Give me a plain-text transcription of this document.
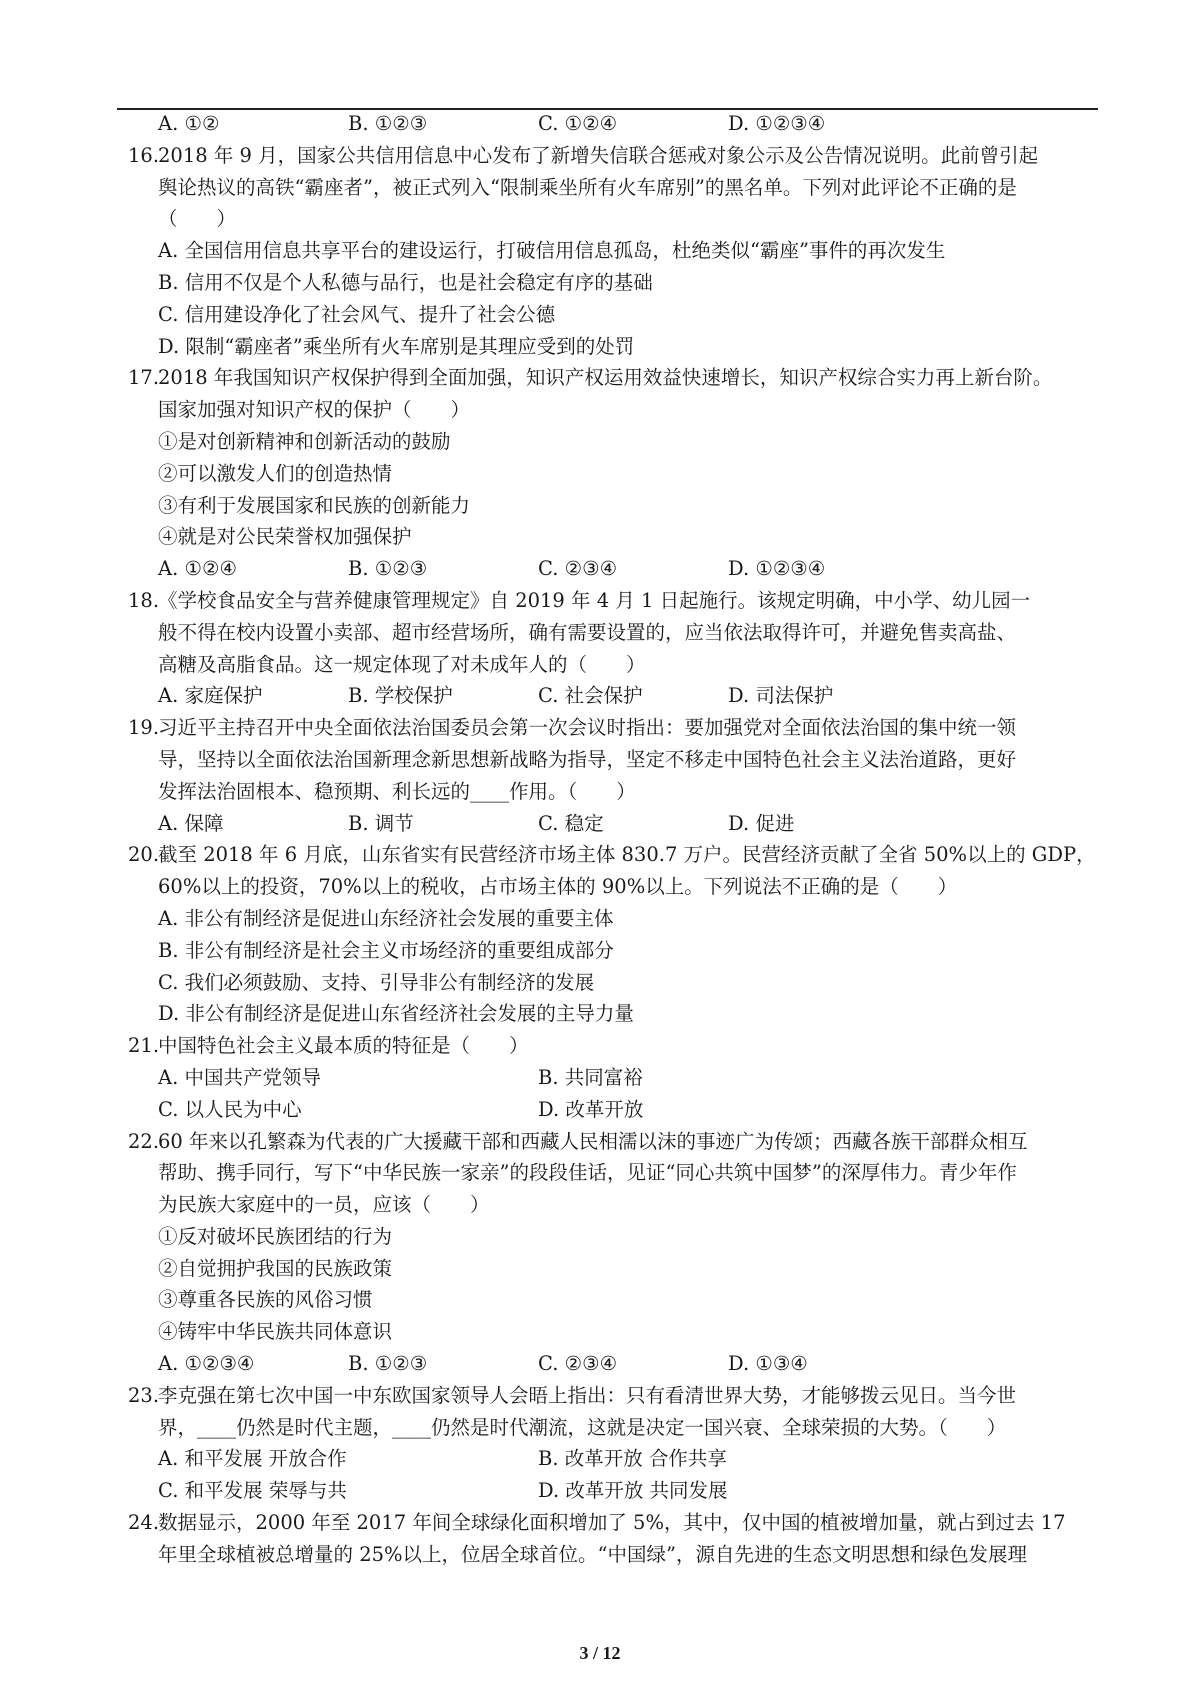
A. ①②	B. ①②③	C. ①②④	D. ①②③④
16.
2018 年 9 月，国家公共信用信息中心发布了新增失信联合惩戒对象公示及公告情况说明。此前曾引起
舆论热议的高铁“霸座者”，被正式列入“限制乘坐所有火车席别”的黑名单。下列对此评论不正确的是
（　　）
A. 全国信用信息共享平台的建设运行，打破信用信息孤岛，杜绝类似“霸座”事件的再次发生
B. 信用不仅是个人私德与品行，也是社会稳定有序的基础
C. 信用建设净化了社会风气、提升了社会公德
D. 限制“霸座者”乘坐所有火车席别是其理应受到的处罚
17.
2018 年我国知识产权保护得到全面加强，知识产权运用效益快速增长，知识产权综合实力再上新台阶。
国家加强对知识产权的保护（　　）
①是对创新精神和创新活动的鼓励
②可以激发人们的创造热情
③有利于发展国家和民族的创新能力
④就是对公民荣誉权加强保护
A. ①②④	B. ①②③	C. ②③④	D. ①②③④
18.
《学校食品安全与营养健康管理规定》自 2019 年 4 月 1 日起施行。该规定明确，中小学、幼儿园一
般不得在校内设置小卖部、超市经营场所，确有需要设置的，应当依法取得许可，并避免售卖高盐、
高糖及高脂食品。这一规定体现了对未成年人的（　　）
A. 家庭保护	B. 学校保护	C. 社会保护	D. 司法保护
19.
习近平主持召开中央全面依法治国委员会第一次会议时指出：要加强党对全面依法治国的集中统一领
导，坚持以全面依法治国新理念新思想新战略为指导，坚定不移走中国特色社会主义法治道路，更好
发挥法治固根本、稳预期、利长远的____作用。（　　）
A. 保障	B. 调节	C. 稳定	D. 促进
20.
截至 2018 年 6 月底，山东省实有民营经济市场主体 830.7 万户。民营经济贡献了全省 50%以上的 GDP，
60%以上的投资，70%以上的税收，占市场主体的 90%以上。下列说法不正确的是（　　）
A. 非公有制经济是促进山东经济社会发展的重要主体
B. 非公有制经济是社会主义市场经济的重要组成部分
C. 我们必须鼓励、支持、引导非公有制经济的发展
D. 非公有制经济是促进山东省经济社会发展的主导力量
21.
中国特色社会主义最本质的特征是（　　）
A. 中国共产党领导	B. 共同富裕
C. 以人民为中心	D. 改革开放
22.
60 年来以孔繁森为代表的广大援藏干部和西藏人民相濡以沫的事迹广为传颂；西藏各族干部群众相互
帮助、携手同行，写下“中华民族一家亲”的段段佳话，见证“同心共筑中国梦”的深厚伟力。青少年作
为民族大家庭中的一员，应该（　　）
①反对破坏民族团结的行为
②自觉拥护我国的民族政策
③尊重各民族的风俗习惯
④铸牢中华民族共同体意识
A. ①②③④	B. ①②③	C. ②③④	D. ①③④
23.
李克强在第七次中国一中东欧国家领导人会晤上指出：只有看清世界大势，才能够拨云见日。当今世
界，____仍然是时代主题，____仍然是时代潮流，这就是决定一国兴衰、全球荣损的大势。（　　）
A. 和平发展 开放合作	B. 改革开放 合作共享
C. 和平发展 荣辱与共	D. 改革开放 共同发展
24.
数据显示，2000 年至 2017 年间全球绿化面积增加了 5%，其中，仅中国的植被增加量，就占到过去 17
年里全球植被总增量的 25%以上，位居全球首位。“中国绿”，源自先进的生态文明思想和绿色发展理
3 / 12
